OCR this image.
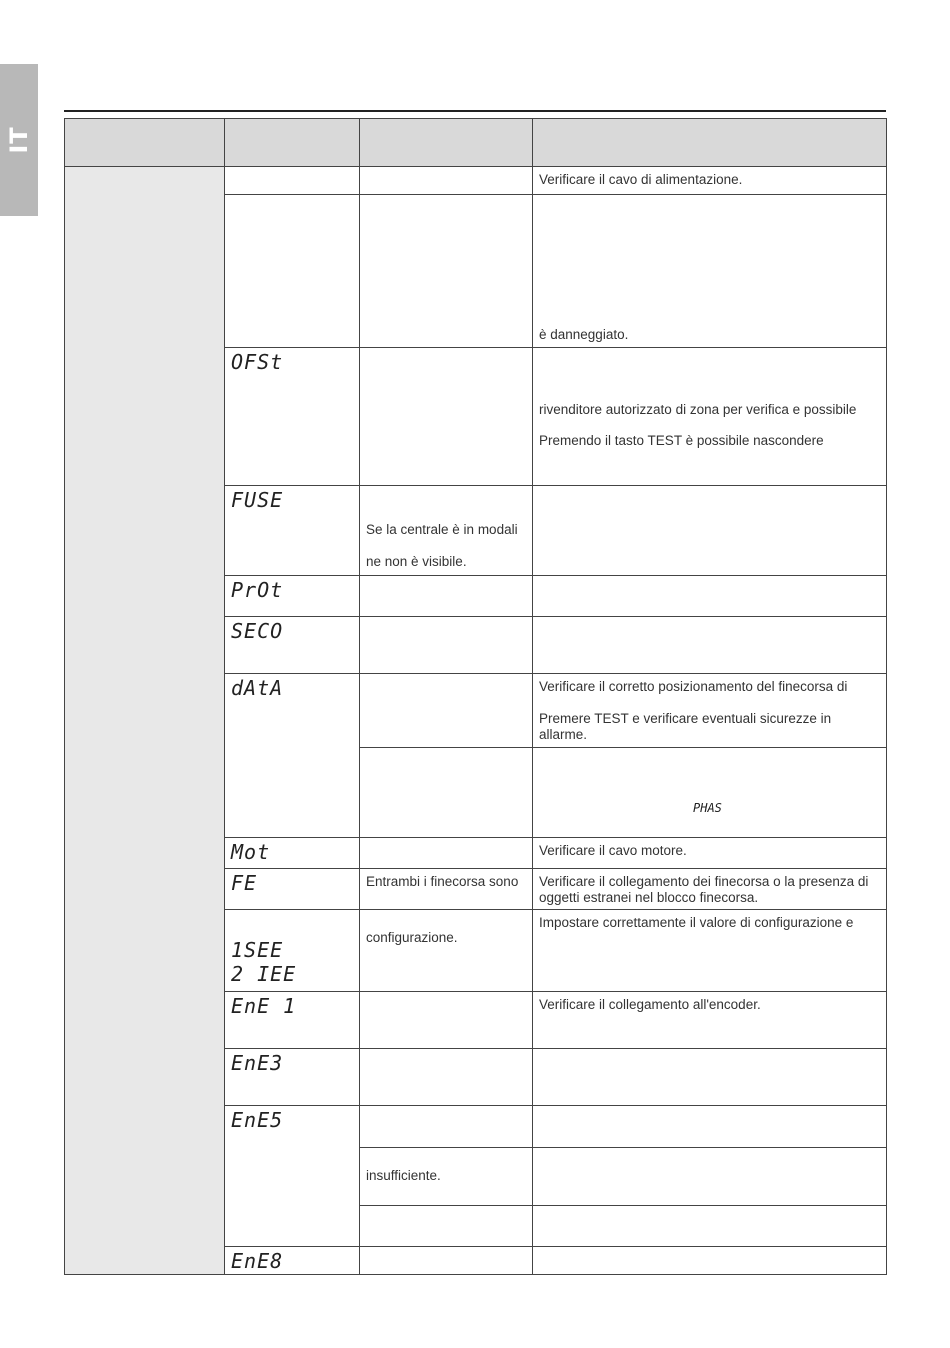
IT

			Verificare il cavo di alimentazione.

			è danneggiato.

	OFSt		rivenditore autorizzato di zona per verifica e possibile
Premendo il tasto TEST è possibile nascondere

	FUSE	Se la centrale è in modali
ne non è visibile.	

	PrOt		

	SECO		

	dAtA		Verificare il corretto posizionamento del finecorsa di
Premere TEST e verificare eventuali sicurezze in allarme.

			PHAS

	Mot		Verificare il cavo motore.

	FE	Entrambi i finecorsa sono	Verificare il collegamento dei finecorsa o la presenza di oggetti estranei nel blocco finecorsa.

	1SEE
2 IEE	configurazione.	Impostare correttamente il valore di configurazione e

	EnE 1		Verificare il collegamento all'encoder.

	EnE3		

	EnE5		

		insufficiente.	

	EnE8		
